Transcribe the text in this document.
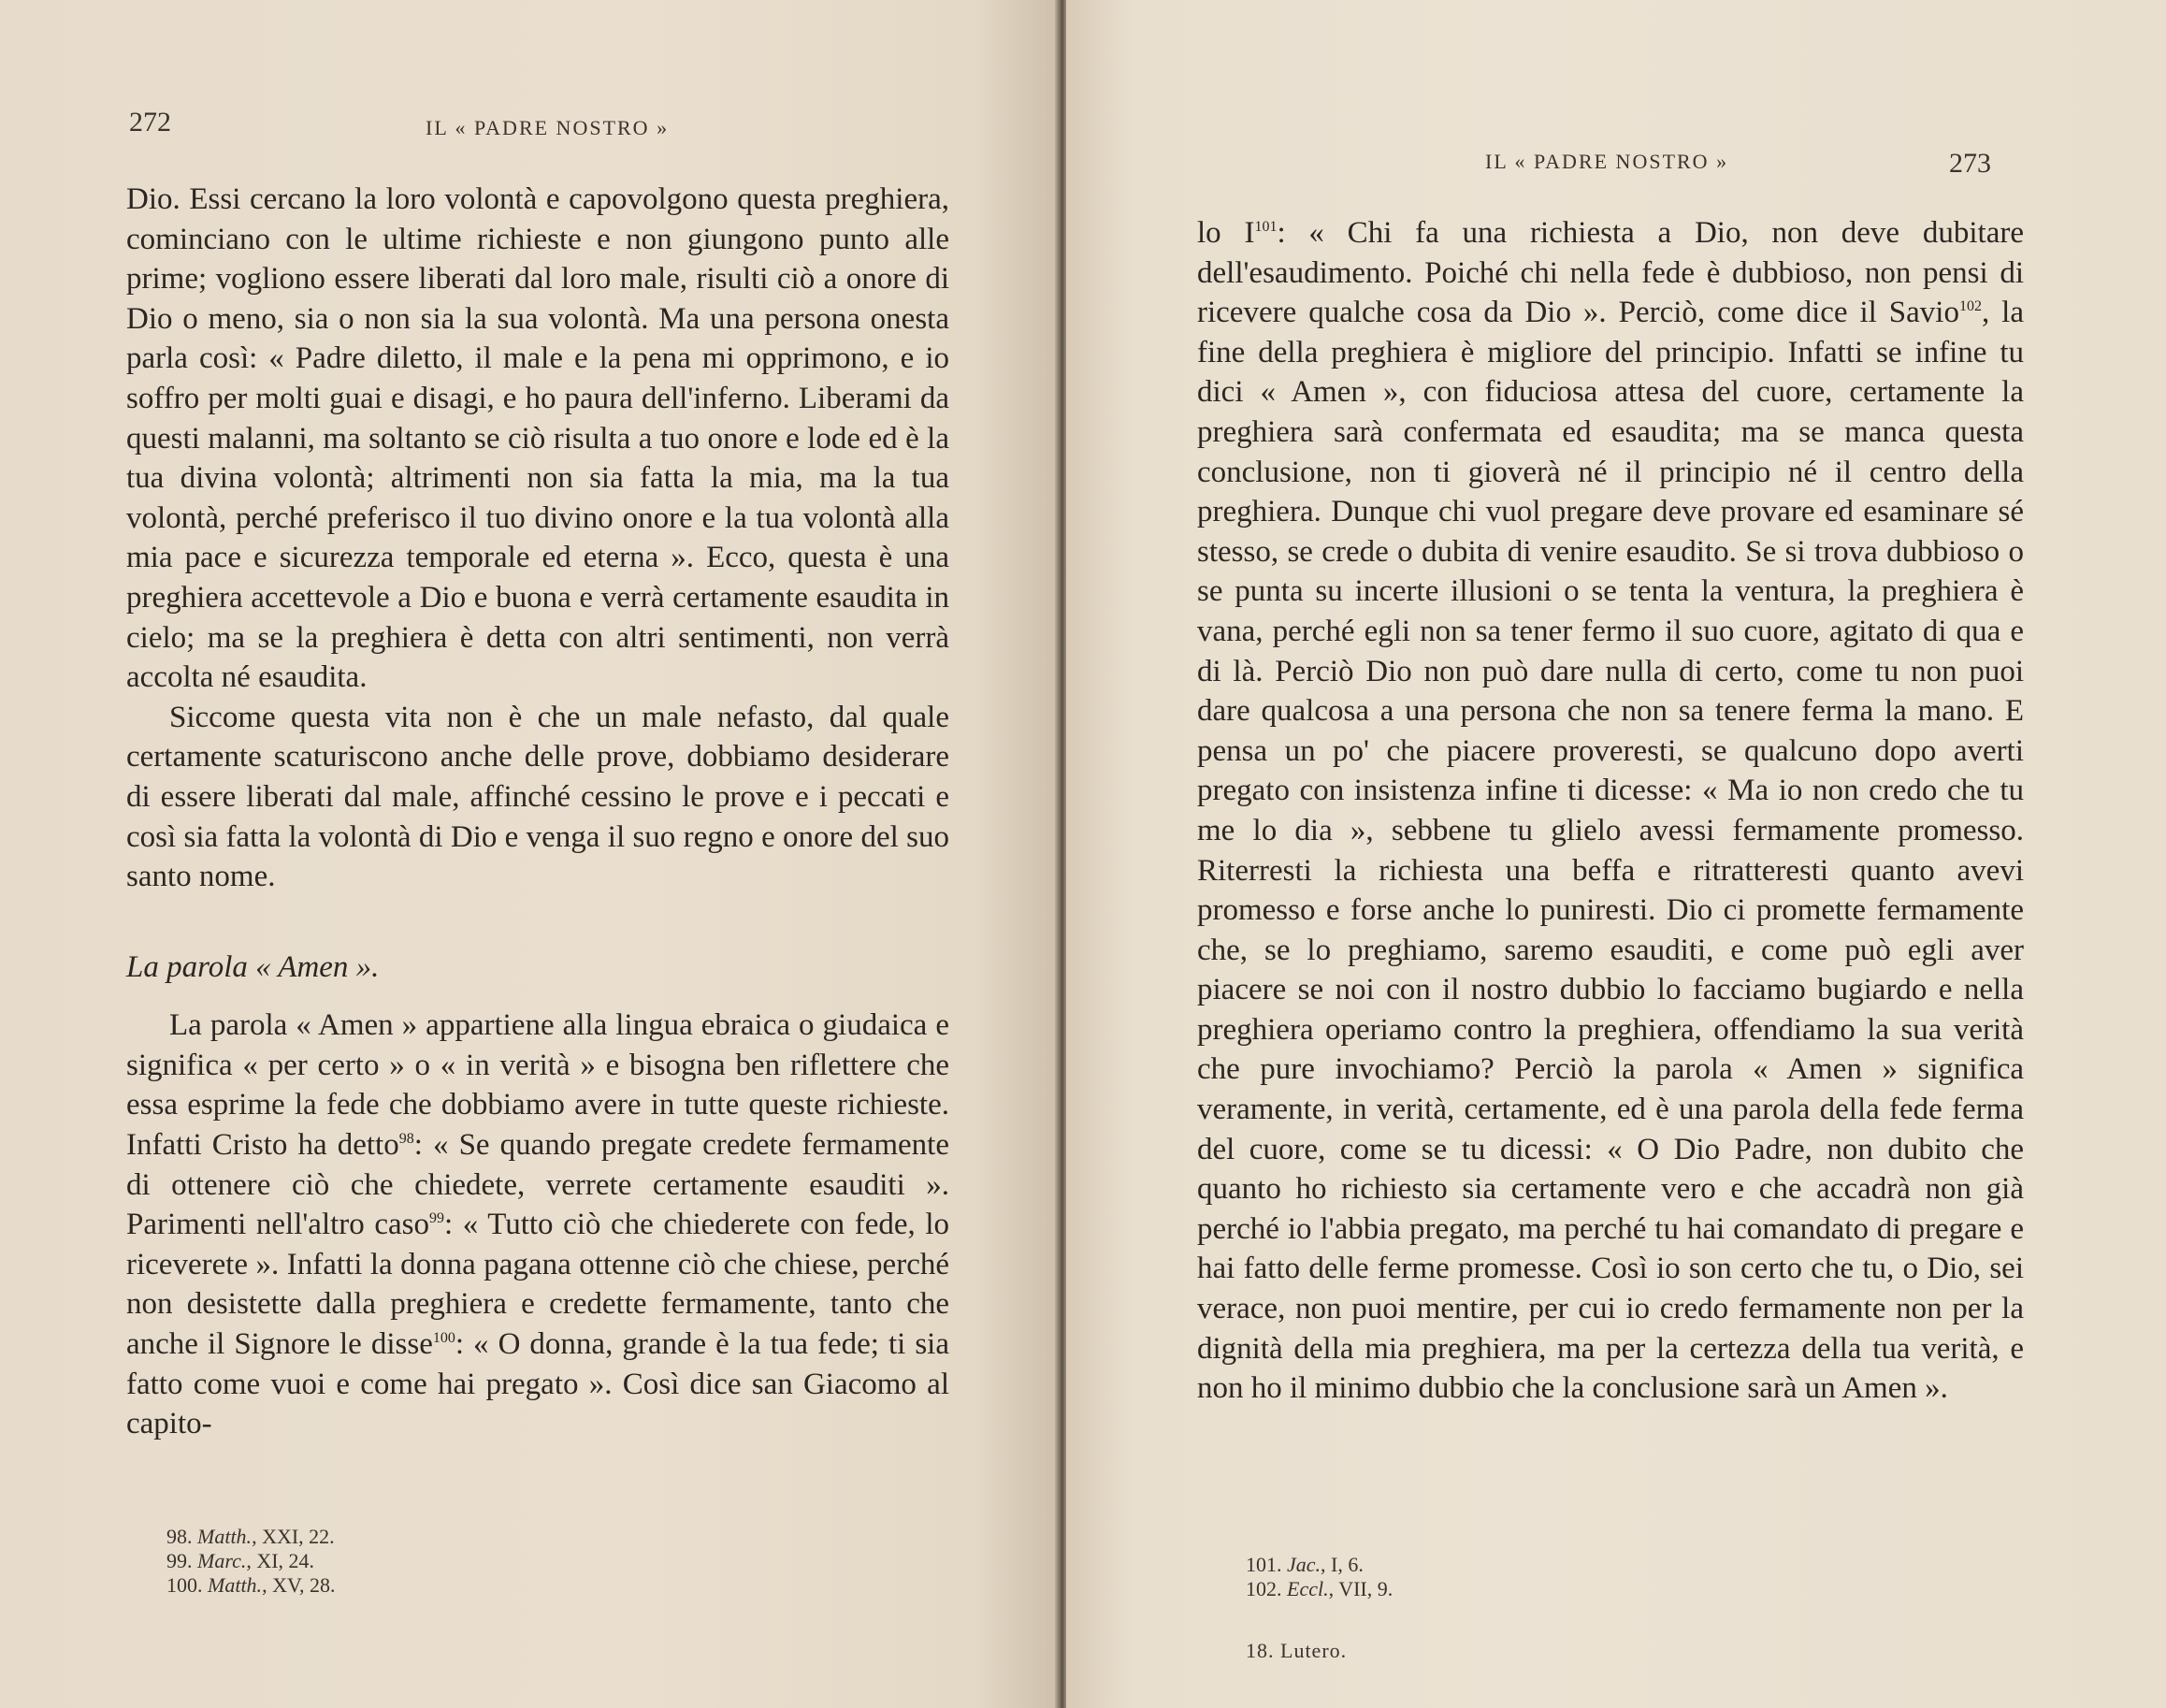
272	IL « PADRE NOSTRO »

Dio. Essi cercano la loro volontà e capovolgono questa preghiera, cominciano con le ultime richieste e non giungono punto alle prime; vogliono essere liberati dal loro male, risulti ciò a onore di Dio o meno, sia o non sia la sua volontà. Ma una persona onesta parla così: « Padre diletto, il male e la pena mi opprimono, e io soffro per molti guai e disagi, e ho paura dell'inferno. Liberami da questi malanni, ma soltanto se ciò risulta a tuo onore e lode ed è la tua divina volontà; altrimenti non sia fatta la mia, ma la tua volontà, perché preferisco il tuo divino onore e la tua volontà alla mia pace e sicurezza temporale ed eterna ». Ecco, questa è una preghiera accettevole a Dio e buona e verrà certamente esaudita in cielo; ma se la preghiera è detta con altri sentimenti, non verrà accolta né esaudita.

Siccome questa vita non è che un male nefasto, dal quale certamente scaturiscono anche delle prove, dobbiamo desiderare di essere liberati dal male, affinché cessino le prove e i peccati e così sia fatta la volontà di Dio e venga il suo regno e onore del suo santo nome.

La parola « Amen ».

La parola « Amen » appartiene alla lingua ebraica o giudaica e significa « per certo » o « in verità » e bisogna ben riflettere che essa esprime la fede che dobbiamo avere in tutte queste richieste. Infatti Cristo ha detto$^{98}$: « Se quando pregate credete fermamente di ottenere ciò che chiedete, verrete certamente esauditi ». Parimenti nell'altro caso$^{99}$: « Tutto ciò che chiederete con fede, lo riceverete ». Infatti la donna pagana ottenne ciò che chiese, perché non desistette dalla preghiera e credette fermamente, tanto che anche il Signore le disse$^{100}$: « O donna, grande è la tua fede; ti sia fatto come vuoi e come hai pregato ». Così dice san Giacomo al capito-

98. Matth., XXI, 22.
99. Marc., XI, 24.
100. Matth., XV, 28.
IL « PADRE NOSTRO »	273

lo $I^{101}$: « Chi fa una richiesta a Dio, non deve dubitare dell'esaudimento. Poiché chi nella fede è dubbioso, non pensi di ricevere qualche cosa da Dio ». Perciò, come dice il Savio$^{102}$, la fine della preghiera è migliore del principio. Infatti se infine tu dici « Amen », con fiduciosa attesa del cuore, certamente la preghiera sarà confermata ed esaudita; ma se manca questa conclusione, non ti gioverà né il principio né il centro della preghiera. Dunque chi vuol pregare deve provare ed esaminare sé stesso, se crede o dubita di venire esaudito. Se si trova dubbioso o se punta su incerte illusioni o se tenta la ventura, la preghiera è vana, perché egli non sa tener fermo il suo cuore, agitato di qua e di là. Perciò Dio non può dare nulla di certo, come tu non puoi dare qualcosa a una persona che non sa tenere ferma la mano. E pensa un po' che piacere proveresti, se qualcuno dopo averti pregato con insistenza infine ti dicesse: « Ma io non credo che tu me lo dia », sebbene tu glielo avessi fermamente promesso. Riterresti la richiesta una beffa e ritratteresti quanto avevi promesso e forse anche lo puniresti. Dio ci promette fermamente che, se lo preghiamo, saremo esauditi, e come può egli aver piacere se noi con il nostro dubbio lo facciamo bugiardo e nella preghiera operiamo contro la preghiera, offendiamo la sua verità che pure invochiamo? Perciò la parola « Amen » significa veramente, in verità, certamente, ed è una parola della fede ferma del cuore, come se tu dicessi: « O Dio Padre, non dubito che quanto ho richiesto sia certamente vero e che accadrà non già perché io l'abbia pregato, ma perché tu hai comandato di pregare e hai fatto delle ferme promesse. Così io son certo che tu, o Dio, sei verace, non puoi mentire, per cui io credo fermamente non per la dignità della mia preghiera, ma per la certezza della tua verità, e non ho il minimo dubbio che la conclusione sarà un Amen ».

101. Jac., I, 6.
102. Eccl., VII, 9.
18. Lutero.
